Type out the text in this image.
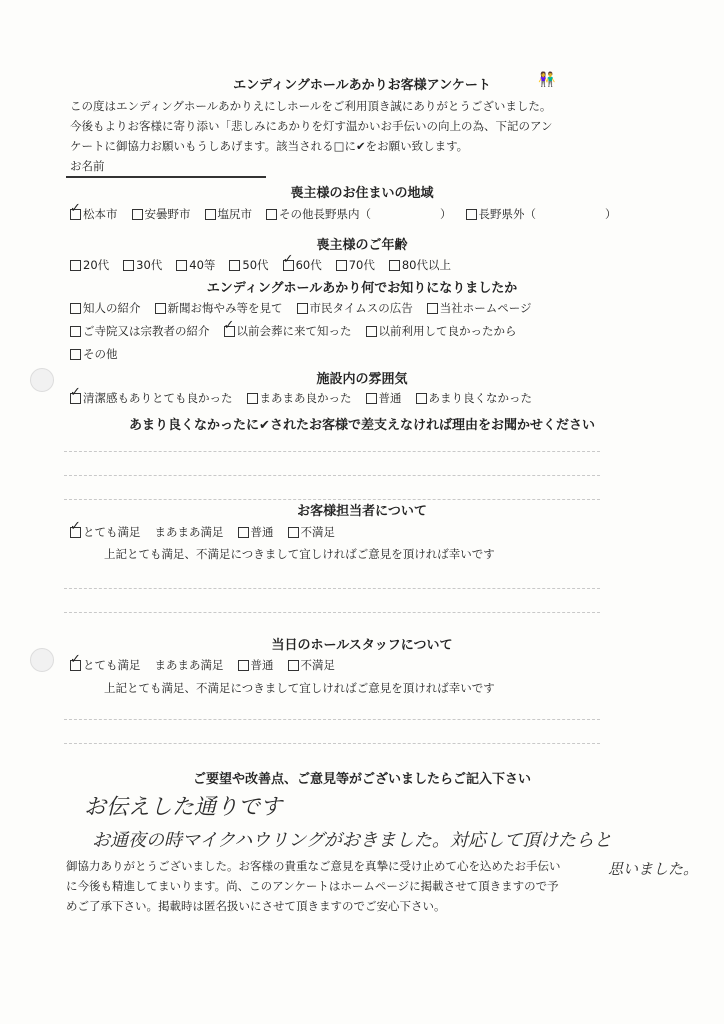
👫
エンディングホールあかりお客様アンケート
この度はエンディングホールあかりえにしホールをご利用頂き誠にありがとうございました。
今後もよりお客様に寄り添い「悲しみにあかりを灯す温かいお手伝いの向上の為、下記のアン
ケートに御協力お願いもうしあげます。該当される□に✔をお願い致します。
お名前
喪主様のお住まいの地域
✓
松本市 安曇野市 塩尻市 その他長野県内（　　　　　　） 長野県外（　　　　　　）
喪主様のご年齢
20代 30代 40等 50代 ✓ 60代 70代 80代以上
エンディングホールあかり何でお知りになりましたか
知人の紹介 新聞お悔やみ等を見て 市民タイムスの広告 当社ホームページ
ご寺院又は宗教者の紹介 ✓ 以前会葬に来て知った 以前利用して良かったから
その他
施設内の雰囲気
✓
清潔感もありとても良かった まあまあ良かった 普通 あまり良くなかった
あまり良くなかったに✔されたお客様で差支えなければ理由をお聞かせください
お客様担当者について
✓
とても満足 まあまあ満足 普通 不満足
上記とても満足、不満足につきまして宜しければご意見を頂ければ幸いです
当日のホールスタッフについて
✓
とても満足 まあまあ満足 普通 不満足
上記とても満足、不満足につきまして宜しければご意見を頂ければ幸いです
ご要望や改善点、ご意見等がございましたらご記入下さい
お伝えした通りです
お通夜の時マイクハウリングがおきました。対応して頂けたらと
思いました。
御協力ありがとうございました。お客様の貴重なご意見を真摯に受け止めて心を込めたお手伝い
に今後も精進してまいります。尚、このアンケートはホームページに掲載させて頂きますので予
めご了承下さい。掲載時は匿名扱いにさせて頂きますのでご安心下さい。
